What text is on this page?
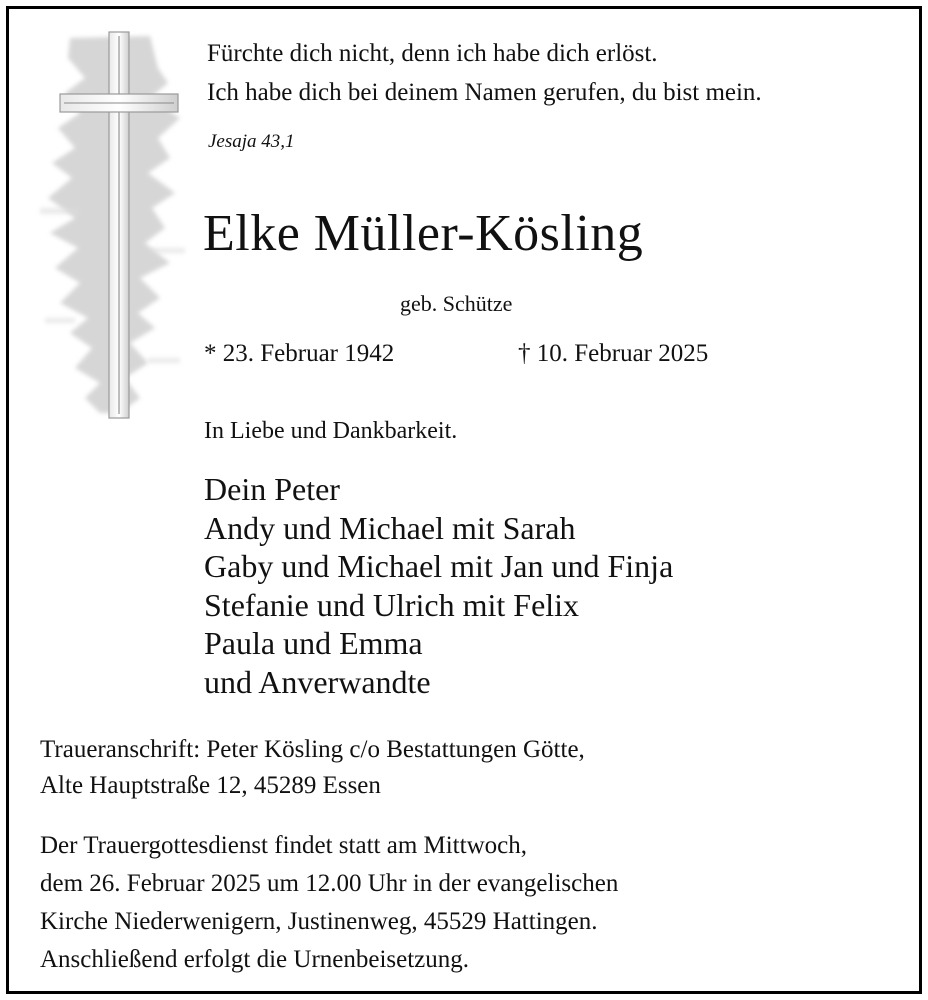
Fürchte dich nicht, denn ich habe dich erlöst.
Ich habe dich bei deinem Namen gerufen, du bist mein.
Jesaja 43,1
Elke Müller-Kösling
geb. Schütze
* 23. Februar 1942	† 10. Februar 2025
In Liebe und Dankbarkeit.
Dein Peter
Andy und Michael mit Sarah
Gaby und Michael mit Jan und Finja
Stefanie und Ulrich mit Felix
Paula und Emma
und Anverwandte
Traueranschrift: Peter Kösling c/o Bestattungen Götte,
Alte Hauptstraße 12, 45289 Essen
Der Trauergottesdienst findet statt am Mittwoch,
dem 26. Februar 2025 um 12.00 Uhr in der evangelischen
Kirche Niederwenigern, Justinenweg, 45529 Hattingen.
Anschließend erfolgt die Urnenbeisetzung.
